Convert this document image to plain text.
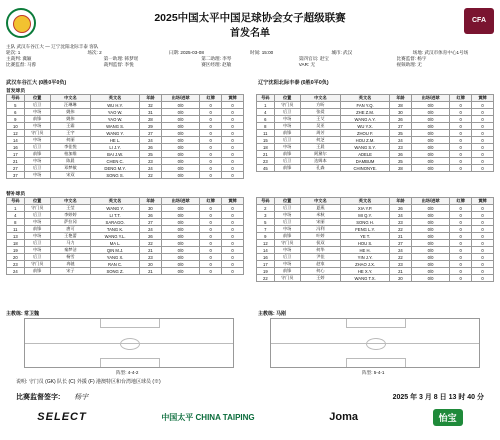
2025中国太平中国足球协会女子超级联赛
首发名单
CFA
主队 武汉车谷江大 — 辽宁沈阳北际丰泰 客队
轮次: 1	场次: 2	日期: 2025-03-08	时间: 15:00	城市: 武汉	场地: 武汉市体育中心1号场
主裁判: 冀颖	第一助理: 韩梦瑶	第二助理: 李琴	第四官员: 赵宝	比赛监督: 杨宇
比赛监督: 马蓉	裁判监督: 李悦	赛区经理: 赵敏	VAR: 无	视频助理: 无
武汉车谷江大 (0胜0平0负)	辽宁沈阳北际丰泰 (0胜0平0负)
首发球员
号码	位置	中文名	英文名	年龄	出场/进球	红牌	黄牌
5	后卫	汪琳琳	WU H.Y.	32	0/0	0	0
6	中场	姚伟	YAO W.	31	0/0	0	0
9	前锋	姚伟	YAO W.	28	0/0	0	0
10	中场	王霜	WANG S.	29	0/0	0	0
12	守门员	王宇	WANG Y.	27	0/0	0	0
14	中场	何丽	HE L.	24	0/0	0	0
16	后卫	李佳悦	LI J.Y.	26	0/0	0	0
17	前锋	柏加维	BAI J.W.	25	0/0	0	0
21	中场	陈晨	CHEN C.	23	0/0	0	0
27	后卫	邓梦敏	DENG M.Y.	24	0/0	0	0
37	中场	宋双	SONG S.	22	0/0	0	0
号码	位置	中文名	英文名	年龄	出场/进球	红牌	黄牌
1	守门员	方昕	FAN Y.Q.	28	0/0	0	0
4	后卫	张爱	ZHE Z.M.	30	0/0	0	0
6	中场	王艾	WANG A.Y.	26	0/0	0	0
8	中场	吴亚	WU Y.X.	27	0/0	0	0
11	前锋	周芳	ZHOU F.	25	0/0	0	0
15	后卫	何芝	HOU Z.M.	24	0/0	0	0
18	中场	王晨	WANG S.Y.	23	0/0	0	0
21	前锋	阿黛尔	ADELE	26	0/0	0	0
23	后卫	达姆本	DAMBUM	25	0/0	0	0
45	前锋	孔森	CHINONYE.	28	0/0	0	0
替补球员
号码	位置	中文名	英文名	年龄	出场/进球	红牌	黄牌
1	守门员	王莹	WANG Y.	30	0/0	0	0
4	后卫	李婷婷	LI T.T.	26	0/0	0	0
8	中场	萨拉冈	SARAGO.	27	0/0	0	0
11	前锋	唐可	TANG K.	24	0/0	0	0
13	中场	王艳蕾	WANG Y.L.	26	0/0	0	0
18	后卫	马力	MA L.	22	0/0	0	0
19	中场	秦梦洁	QIN M.J.	21	0/0	0	0
20	后卫	杨雪	YANG X.	23	0/0	0	0
23	守门员	冉驰	RAN C.	20	0/0	0	0
24	前锋	宋子	SONG Z.	21	0/0	0	0
号码	位置	中文名	英文名	年龄	出场/进球	红牌	黄牌
2	后卫	夏燕	XIA Y.P.	26	0/0	0	0
3	中场	米秋	MI Q.Y.	24	0/0	0	0
5	后卫	宋丽	SONG H.	23	0/0	0	0
7	中场	冯利	FENG L.Y.	22	0/0	0	0
9	前锋	叶婷	YE T.	21	0/0	0	0
12	守门员	侯双	HOU S.	27	0/0	0	0
14	中场	何华	HE H.	24	0/0	0	0
16	后卫	尹佳	YIN J.Y.	22	0/0	0	0
17	中场	赵家	ZHAO J.X.	23	0/0	0	0
19	前锋	何心	HE X.Y.	21	0/0	0	0
22	守门员	王婷	WANG T.X.	20	0/0	0	0
主教练: 常卫魏	主教练: 马刚
阵型: 4-4-2	阵型: 5-4-1
说明: 守门员 (GK) 队长 (C) 外援 (F) 港澳特区和台湾地区球员 (※)
比赛监督签字: 杨宇	2025 年 3 月 8 日 13 时 40 分
SELECT	中国太平 CHINA TAIPING	Joma	怡宝
